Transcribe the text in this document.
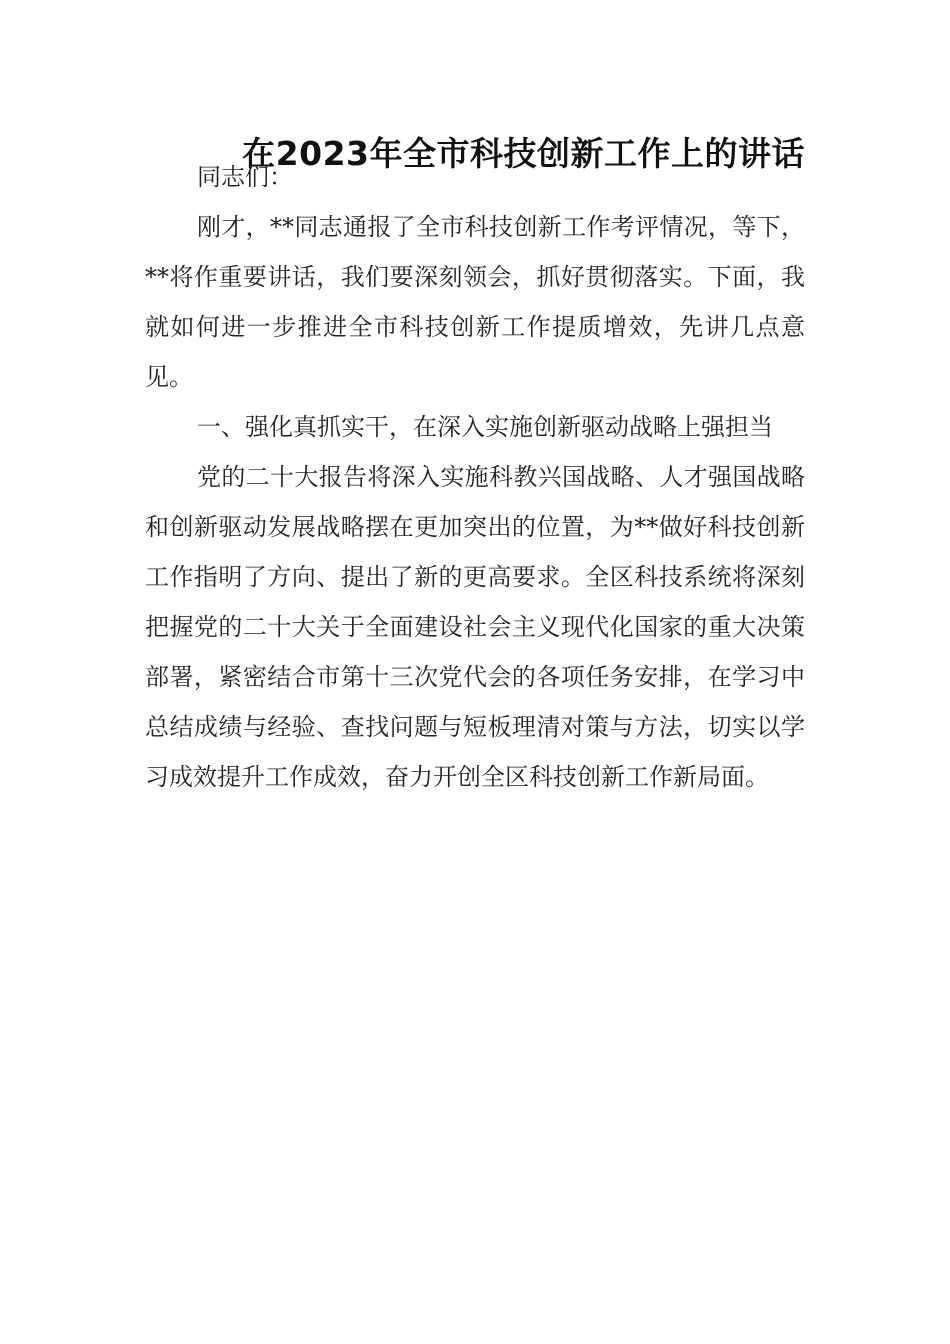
在2023年全市科技创新工作上的讲话

同志们：

刚才，**同志通报了全市科技创新工作考评情况，等下，**将作重要讲话，我们要深刻领会，抓好贯彻落实。下面，我就如何进一步推进全市科技创新工作提质增效，先讲几点意见。

一、强化真抓实干，在深入实施创新驱动战略上强担当

党的二十大报告将深入实施科教兴国战略、人才强国战略和创新驱动发展战略摆在更加突出的位置，为**做好科技创新工作指明了方向、提出了新的更高要求。全区科技系统将深刻把握党的二十大关于全面建设社会主义现代化国家的重大决策部署，紧密结合市第十三次党代会的各项任务安排，在学习中总结成绩与经验、查找问题与短板理清对策与方法，切实以学习成效提升工作成效，奋力开创全区科技创新工作新局面。
